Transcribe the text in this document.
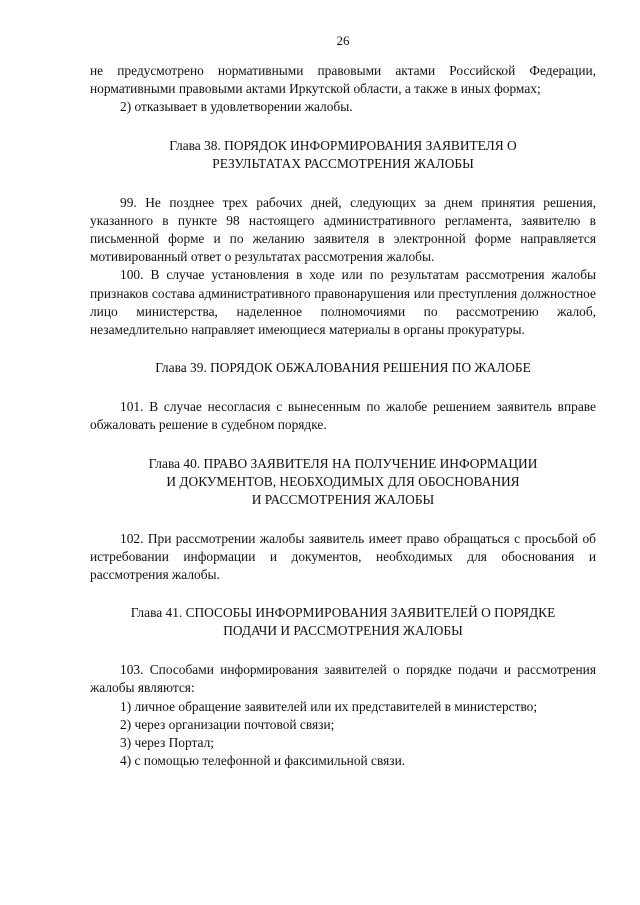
26

не предусмотрено нормативными правовыми актами Российской Федерации, нормативными правовыми актами Иркутской области, а также в иных формах;

2) отказывает в удовлетворении жалобы.

Глава 38. ПОРЯДОК ИНФОРМИРОВАНИЯ ЗАЯВИТЕЛЯ О
РЕЗУЛЬТАТАХ РАССМОТРЕНИЯ ЖАЛОБЫ

99. Не позднее трех рабочих дней, следующих за днем принятия решения, указанного в пункте 98 настоящего административного регламента, заявителю в письменной форме и по желанию заявителя в электронной форме направляется мотивированный ответ о результатах рассмотрения жалобы.

100. В случае установления в ходе или по результатам рассмотрения жалобы признаков состава административного правонарушения или преступления должностное лицо министерства, наделенное полномочиями по рассмотрению жалоб, незамедлительно направляет имеющиеся материалы в органы прокуратуры.

Глава 39. ПОРЯДОК ОБЖАЛОВАНИЯ РЕШЕНИЯ ПО ЖАЛОБЕ

101. В случае несогласия с вынесенным по жалобе решением заявитель вправе обжаловать решение в судебном порядке.

Глава 40. ПРАВО ЗАЯВИТЕЛЯ НА ПОЛУЧЕНИЕ ИНФОРМАЦИИ
И ДОКУМЕНТОВ, НЕОБХОДИМЫХ ДЛЯ ОБОСНОВАНИЯ
И РАССМОТРЕНИЯ ЖАЛОБЫ

102. При рассмотрении жалобы заявитель имеет право обращаться с просьбой об истребовании информации и документов, необходимых для обоснования и рассмотрения жалобы.

Глава 41. СПОСОБЫ ИНФОРМИРОВАНИЯ ЗАЯВИТЕЛЕЙ О ПОРЯДКЕ
ПОДАЧИ И РАССМОТРЕНИЯ ЖАЛОБЫ

103. Способами информирования заявителей о порядке подачи и рассмотрения жалобы являются:

1) личное обращение заявителей или их представителей в министерство;

2) через организации почтовой связи;

3) через Портал;

4) с помощью телефонной и факсимильной связи.
